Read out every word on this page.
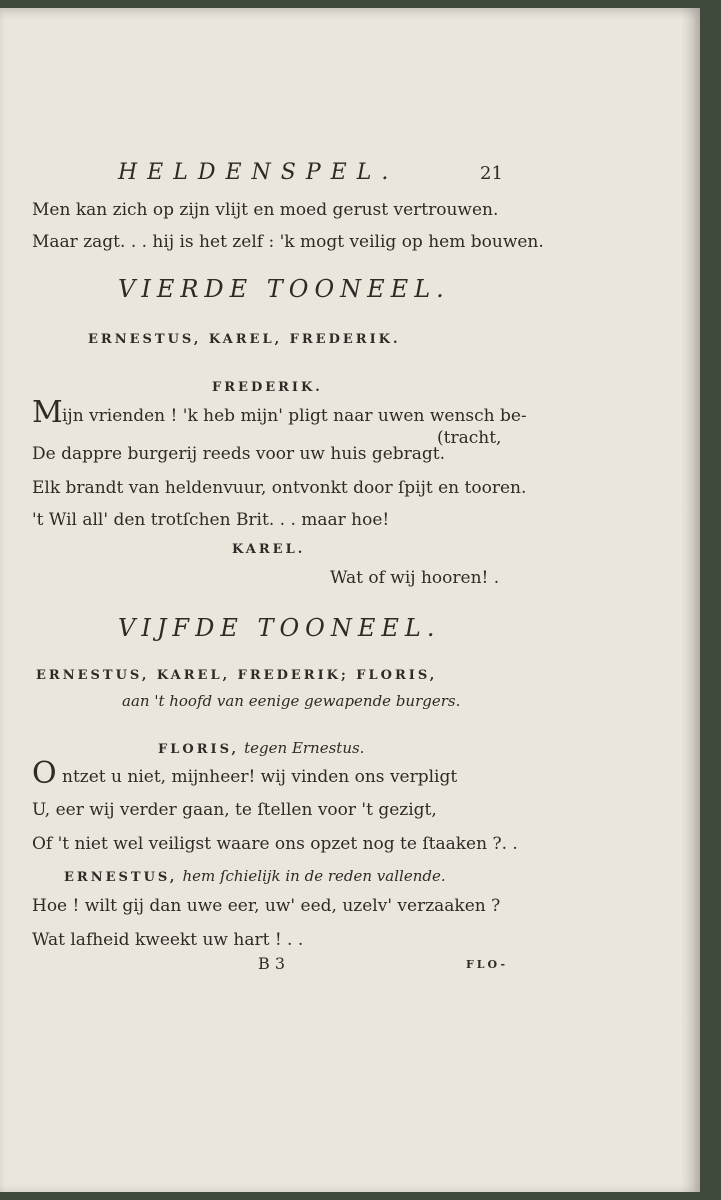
HELDENSPEL.	21
Men kan zich op zijn vlijt en moed gerust vertrouwen.
Maar zagt. . . hij is het zelf : 'k mogt veilig op hem bouwen.
VIERDE TOONEEL.
ERNESTUS, KAREL, FREDERIK.
FREDERIK.
M ijn vrienden ! 'k heb mijn' pligt naar uwen wensch be-
(tracht,
De dappre burgerij reeds voor uw huis gebragt.
Elk brandt van heldenvuur, ontvonkt door ſpijt en tooren.
't Wil all' den trotſchen Brit. . . maar hoe!
KAREL.
Wat of wij hooren! .
VIJFDE TOONEEL.
ERNESTUS, KAREL, FREDERIK; FLORIS,
aan 't hoofd van eenige gewapende burgers.
FLORIS, tegen Ernestus.
O ntzet u niet, mijnheer! wij vinden ons verpligt
U, eer wij verder gaan, te ſtellen voor 't gezigt,
Of 't niet wel veiligst waare ons opzet nog te ſtaaken ?. .
ERNESTUS, hem ſchielijk in de reden vallende.
Hoe ! wilt gij dan uwe eer, uw' eed, uzelv' verzaaken ?
Wat lafheid kweekt uw hart ! . .
B 3	FLO-
